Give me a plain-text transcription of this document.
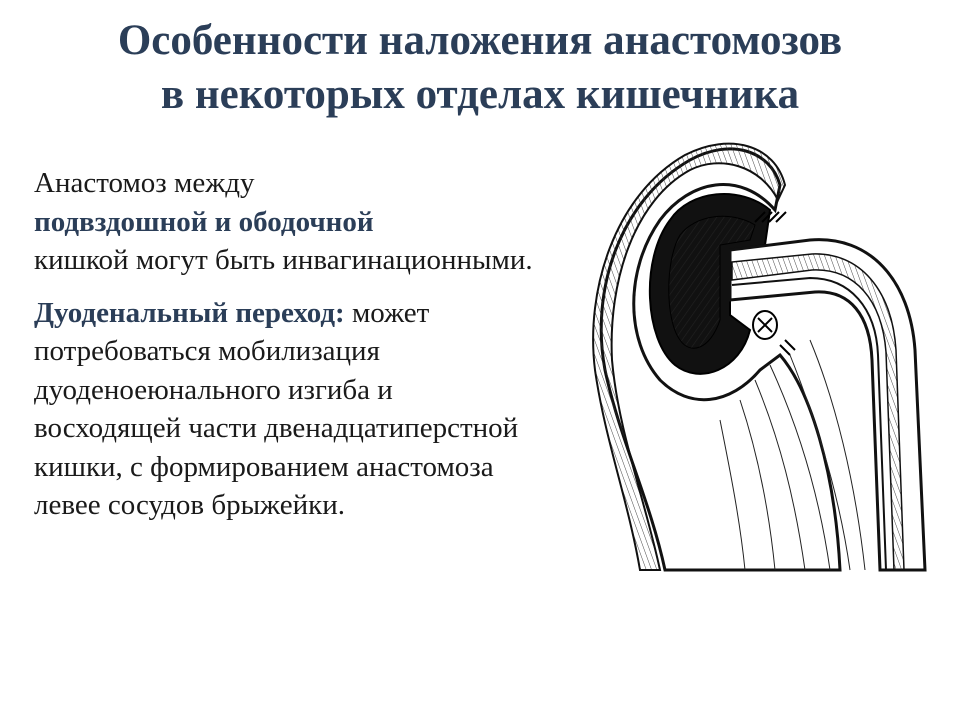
Особенности наложения анастомозов
в некоторых отделах кишечника

Анастомоз между
подвздошной и ободочной
кишкой могут быть инвагинационными.

Дуоденальный переход: может потребоваться мобилизация дуоденоеюнального изгиба и восходящей части двенадцатиперстной кишки, с формированием анастомоза левее сосудов брыжейки.
